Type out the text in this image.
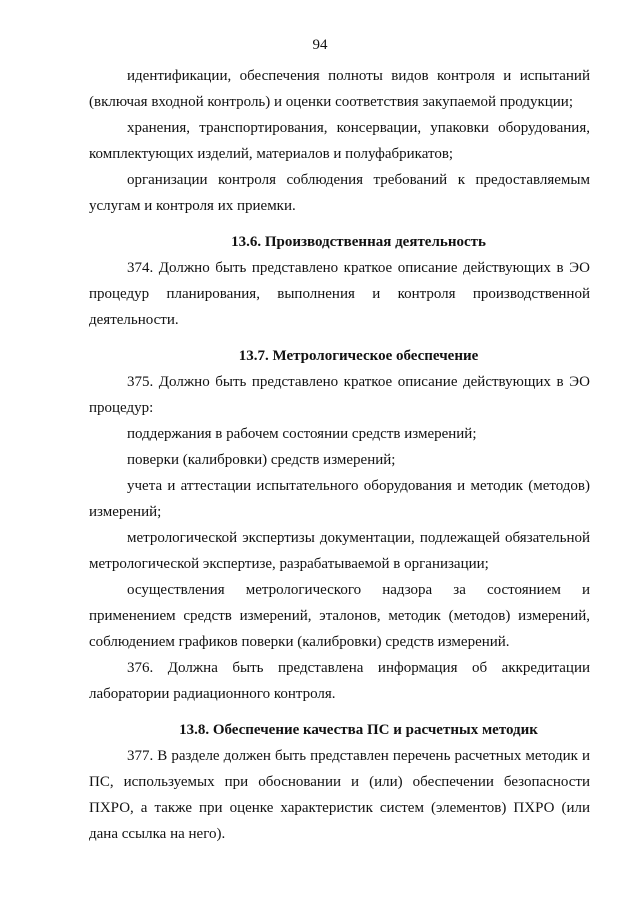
94

идентификации, обеспечения полноты видов контроля и испытаний (включая входной контроль) и оценки соответствия закупаемой продукции;

хранения, транспортирования, консервации, упаковки оборудования, комплектующих изделий, материалов и полуфабрикатов;

организации контроля соблюдения требований к предоставляемым услугам и контроля их приемки.

13.6. Производственная деятельность

374. Должно быть представлено краткое описание действующих в ЭО процедур планирования, выполнения и контроля производственной деятельности.

13.7. Метрологическое обеспечение

375. Должно быть представлено краткое описание действующих в ЭО процедур:

поддержания в рабочем состоянии средств измерений;

поверки (калибровки) средств измерений;

учета и аттестации испытательного оборудования и методик (методов) измерений;

метрологической экспертизы документации, подлежащей обязательной метрологической экспертизе, разрабатываемой в организации;

осуществления метрологического надзора за состоянием и применением средств измерений, эталонов, методик (методов) измерений, соблюдением графиков поверки (калибровки) средств измерений.

376. Должна быть представлена информация об аккредитации лаборатории радиационного контроля.

13.8. Обеспечение качества ПС и расчетных методик

377. В разделе должен быть представлен перечень расчетных методик и ПС, используемых при обосновании и (или) обеспечении безопасности ПХРО, а также при оценке характеристик систем (элементов) ПХРО (или дана ссылка на него).
